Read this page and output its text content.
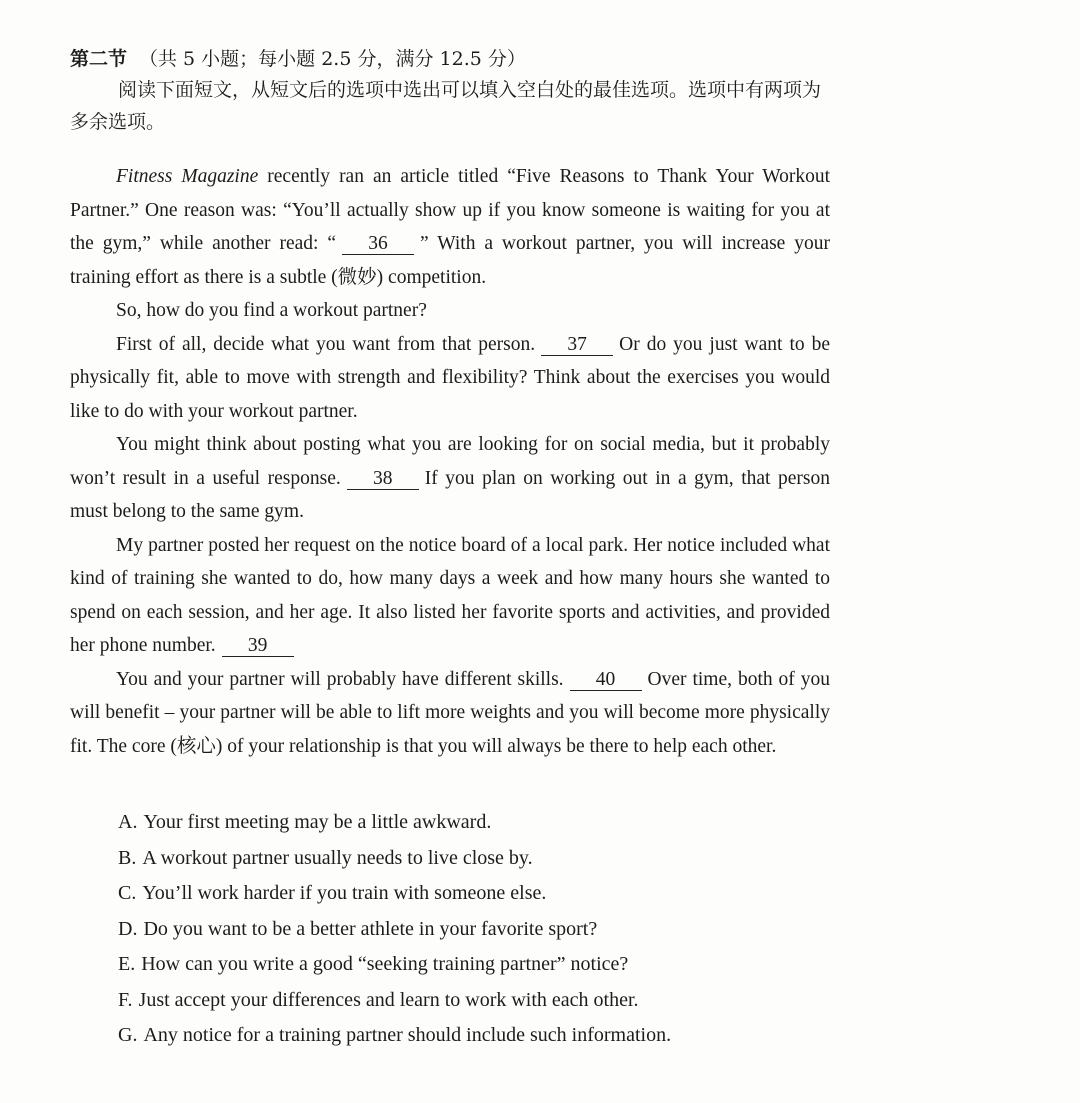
第二节 （共 5 小题；每小题 2.5 分，满分 12.5 分）

阅读下面短文，从短文后的选项中选出可以填入空白处的最佳选项。选项中有两项为多余选项。

Fitness Magazine recently ran an article titled “Five Reasons to Thank Your Workout Partner.” One reason was: “You’ll actually show up if you know someone is waiting for you at the gym,” while another read: “ 36 ” With a workout partner, you will increase your training effort as there is a subtle (微妙) competition.

So, how do you find a workout partner?

First of all, decide what you want from that person. 37 Or do you just want to be physically fit, able to move with strength and flexibility? Think about the exercises you would like to do with your workout partner.

You might think about posting what you are looking for on social media, but it probably won’t result in a useful response. 38 If you plan on working out in a gym, that person must belong to the same gym.

My partner posted her request on the notice board of a local park. Her notice included what kind of training she wanted to do, how many days a week and how many hours she wanted to spend on each session, and her age. It also listed her favorite sports and activities, and provided her phone number. 39

You and your partner will probably have different skills. 40 Over time, both of you will benefit – your partner will be able to lift more weights and you will become more physically fit. The core (核心) of your relationship is that you will always be there to help each other.

A. Your first meeting may be a little awkward.
B. A workout partner usually needs to live close by.
C. You’ll work harder if you train with someone else.
D. Do you want to be a better athlete in your favorite sport?
E. How can you write a good “seeking training partner” notice?
F. Just accept your differences and learn to work with each other.
G. Any notice for a training partner should include such information.
